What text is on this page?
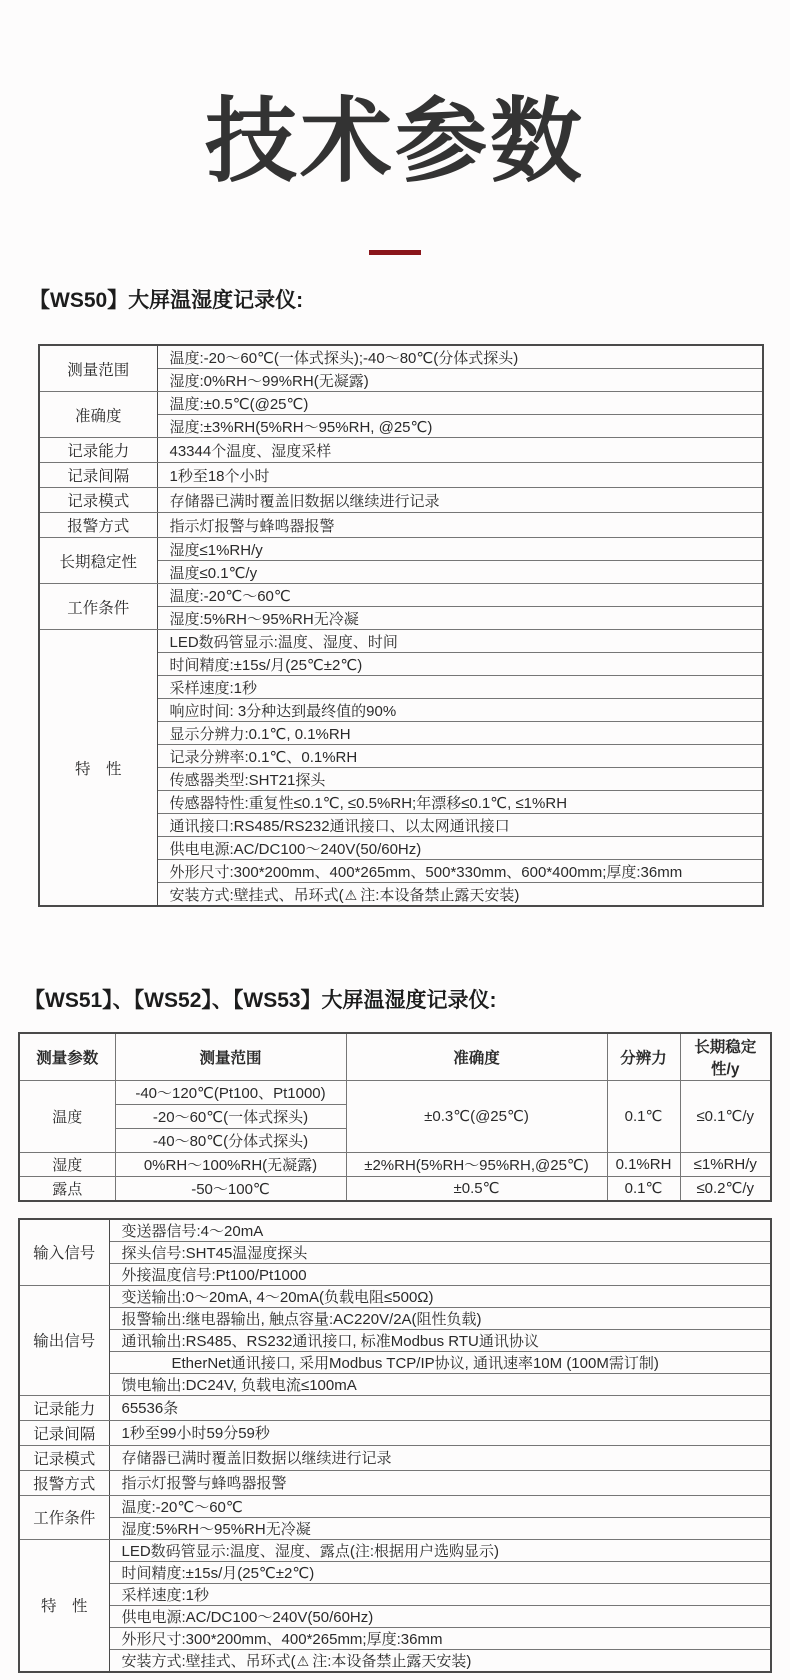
技术参数
【WS50】大屏温湿度记录仪:
测量范围	温度:-20～60℃(一体式探头);-40～80℃(分体式探头)
	湿度:0%RH～99%RH(无凝露)
准确度	温度:±0.5℃(@25℃)
	湿度:±3%RH(5%RH～95%RH, @25℃)
记录能力	43344个温度、湿度采样
记录间隔	1秒至18个小时
记录模式	存储器已满时覆盖旧数据以继续进行记录
报警方式	指示灯报警与蜂鸣器报警
长期稳定性	湿度≤1%RH/y
	温度≤0.1℃/y
工作条件	温度:-20℃～60℃
	湿度:5%RH～95%RH无冷凝
特　性	LED数码管显示:温度、湿度、时间
	时间精度:±15s/月(25℃±2℃)
	采样速度:1秒
	响应时间: 3分种达到最终值的90%
	显示分辨力:0.1℃, 0.1%RH
	记录分辨率:0.1℃、0.1%RH
	传感器类型:SHT21探头
	传感器特性:重复性≤0.1℃, ≤0.5%RH;年漂移≤0.1℃, ≤1%RH
	通讯接口:RS485/RS232通讯接口、以太网通讯接口
	供电电源:AC/DC100～240V(50/60Hz)
	外形尺寸:300*200mm、400*265mm、500*330mm、600*400mm;厚度:36mm
	安装方式:壁挂式、吊环式(⚠ 注:本设备禁止露天安装)
【WS51】、【WS52】、【WS53】大屏温湿度记录仪:
测量参数	测量范围	准确度	分辨力	长期稳定性/y
温度	-40～120℃(Pt100、Pt1000)	±0.3℃(@25℃)	0.1℃	≤0.1℃/y
	-20～60℃(一体式探头)			
	-40～80℃(分体式探头)			
湿度	0%RH～100%RH(无凝露)	±2%RH(5%RH～95%RH,@25℃)	0.1%RH	≤1%RH/y
露点	-50～100℃	±0.5℃	0.1℃	≤0.2℃/y
输入信号	变送器信号:4～20mA
	探头信号:SHT45温湿度探头
	外接温度信号:Pt100/Pt1000
输出信号	变送输出:0～20mA, 4～20mA(负载电阻≤500Ω)
	报警输出:继电器输出, 触点容量:AC220V/2A(阻性负载)
	通讯输出:RS485、RS232通讯接口, 标准Modbus RTU通讯协议
	EtherNet通讯接口, 采用Modbus TCP/IP协议, 通讯速率10M (100M需订制)
	馈电输出:DC24V, 负载电流≤100mA
记录能力	65536条
记录间隔	1秒至99小时59分59秒
记录模式	存储器已满时覆盖旧数据以继续进行记录
报警方式	指示灯报警与蜂鸣器报警
工作条件	温度:-20℃～60℃
	湿度:5%RH～95%RH无冷凝
特　性	LED数码管显示:温度、湿度、露点(注:根据用户选购显示)
	时间精度:±15s/月(25℃±2℃)
	采样速度:1秒
	供电电源:AC/DC100～240V(50/60Hz)
	外形尺寸:300*200mm、400*265mm;厚度:36mm
	安装方式:壁挂式、吊环式(⚠ 注:本设备禁止露天安装)
